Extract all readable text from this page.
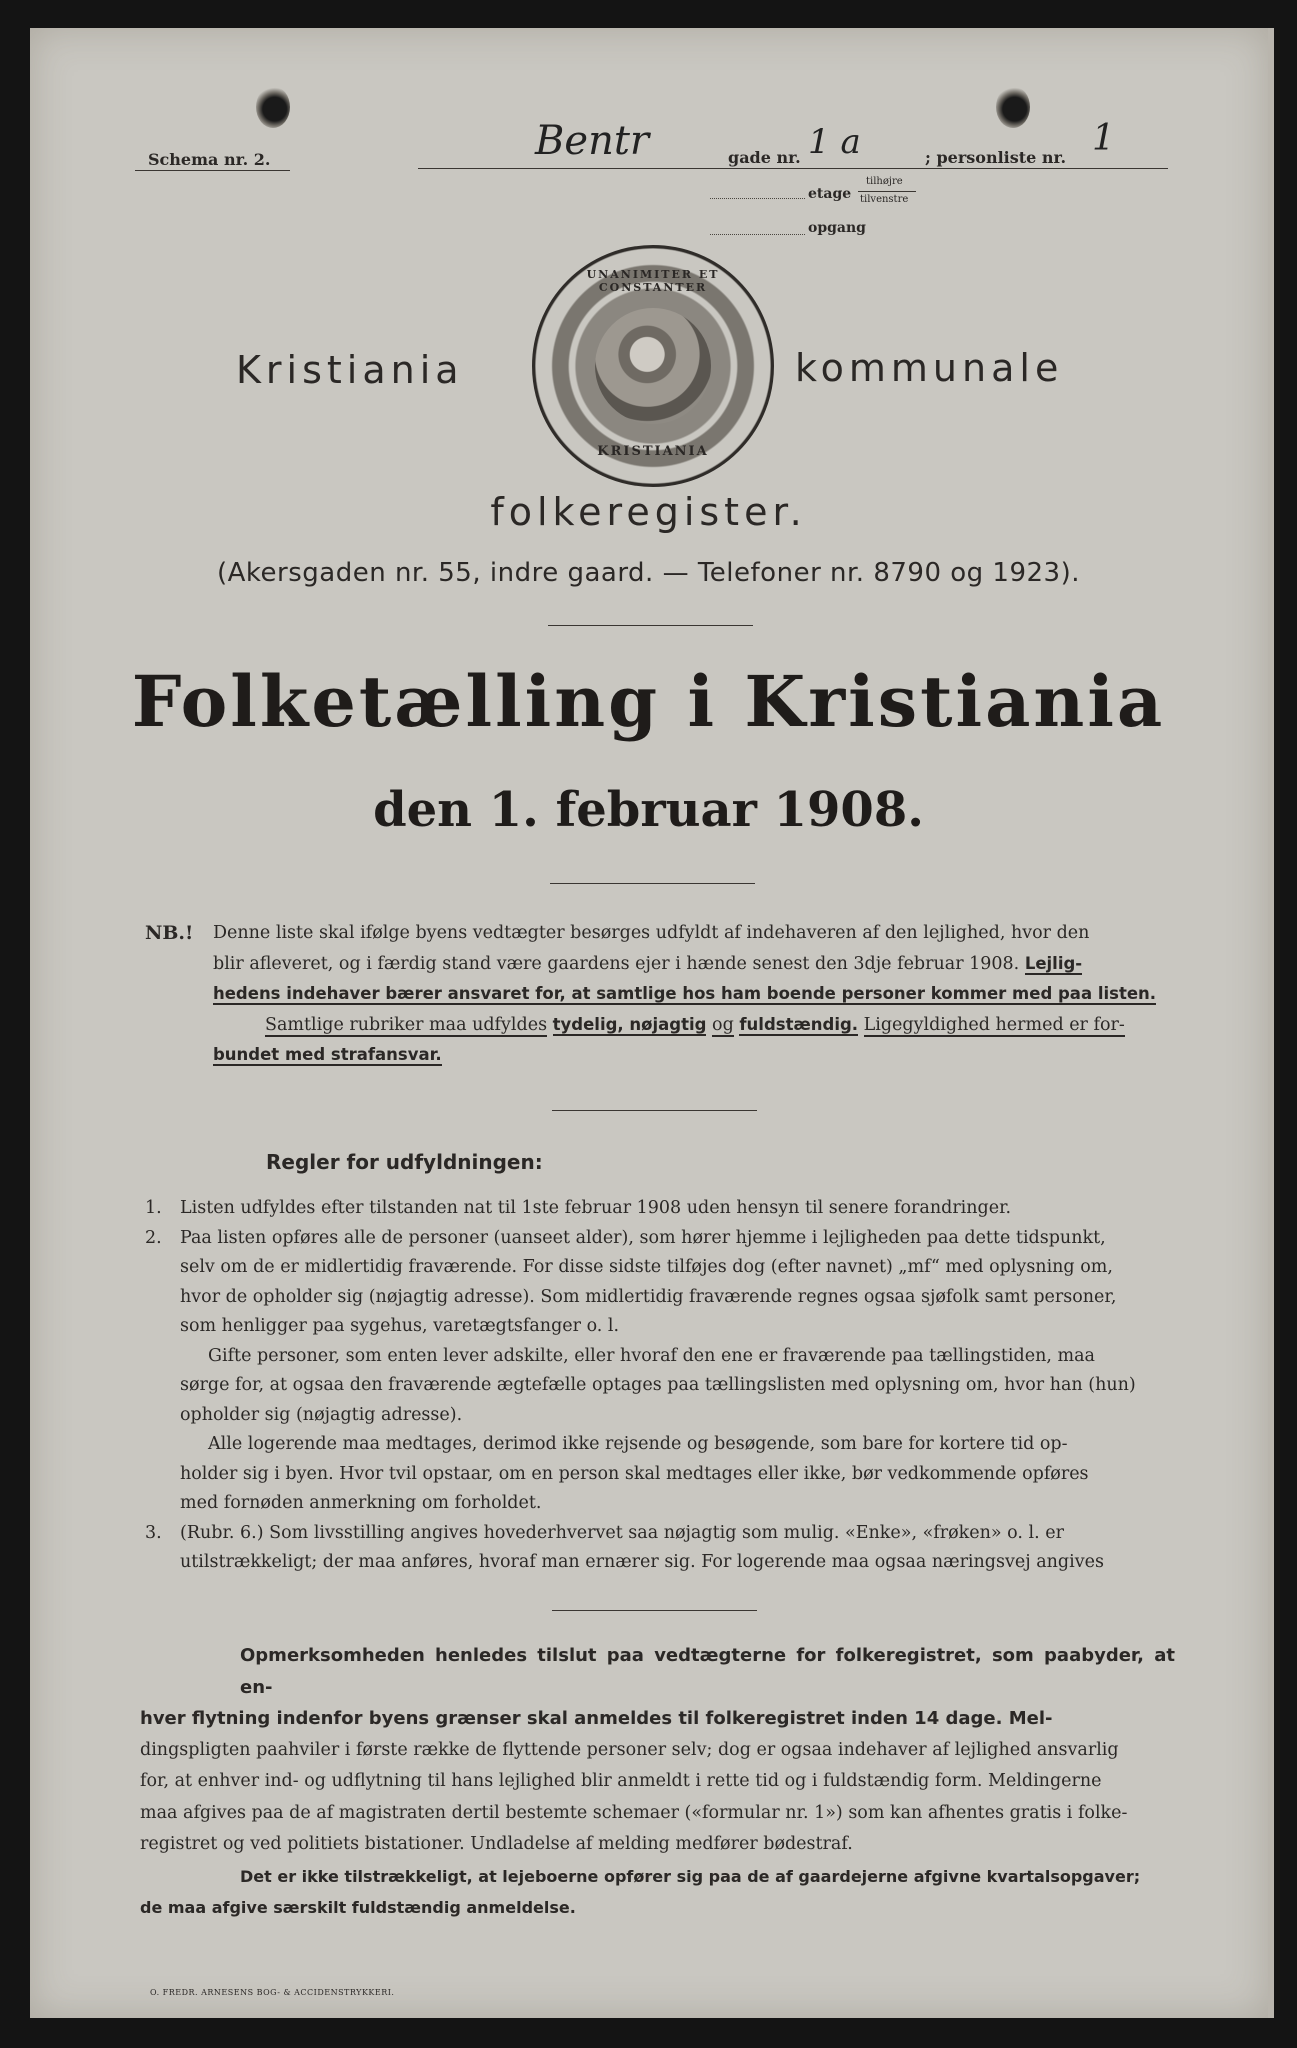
Schema nr. 2.	Bentr	gade nr. 1 a	; personliste nr. 1
etage
tilhøjre
tilvenstre
opgang
UNANIMITER ET CONSTANTER
KRISTIANIA
Kristiania	kommunale
folkeregister.
(Akersgaden nr. 55, indre gaard. — Telefoner nr. 8790 og 1923).
Folketælling i Kristiania
den 1. februar 1908.
NB.! Denne liste skal ifølge byens vedtægter besørges udfyldt af indehaveren af den lejlighed, hvor den
blir afleveret, og i færdig stand være gaardens ejer i hænde senest den 3dje februar 1908. Lejlig-
hedens indehaver bærer ansvaret for, at samtlige hos ham boende personer kommer med paa listen.
Samtlige rubriker maa udfyldes tydelig, nøjagtig og fuldstændig. Ligegyldighed hermed er for-
bundet med strafansvar.
Regler for udfyldningen:
1.	Listen udfyldes efter tilstanden nat til 1ste februar 1908 uden hensyn til senere forandringer.
2.	Paa listen opføres alle de personer (uanseet alder), som hører hjemme i lejligheden paa dette tidspunkt,
selv om de er midlertidig fraværende. For disse sidste tilføjes dog (efter navnet) „mf“ med oplysning om,
hvor de opholder sig (nøjagtig adresse). Som midlertidig fraværende regnes ogsaa sjøfolk samt personer,
som henligger paa sygehus, varetægtsfanger o. l.
Gifte personer, som enten lever adskilte, eller hvoraf den ene er fraværende paa tællingstiden, maa
sørge for, at ogsaa den fraværende ægtefælle optages paa tællingslisten med oplysning om, hvor han (hun)
opholder sig (nøjagtig adresse).
Alle logerende maa medtages, derimod ikke rejsende og besøgende, som bare for kortere tid op-
holder sig i byen. Hvor tvil opstaar, om en person skal medtages eller ikke, bør vedkommende opføres
med fornøden anmerkning om forholdet.
3.	(Rubr. 6.) Som livsstilling angives hovederhvervet saa nøjagtig som mulig. «Enke», «frøken» o. l. er
utilstrækkeligt; der maa anføres, hvoraf man ernærer sig. For logerende maa ogsaa næringsvej angives
Opmerksomheden henledes tilslut paa vedtægterne for folkeregistret, som paabyder, at en-
hver flytning indenfor byens grænser skal anmeldes til folkeregistret inden 14 dage. Mel-
dingspligten paahviler i første række de flyttende personer selv; dog er ogsaa indehaver af lejlighed ansvarlig
for, at enhver ind- og udflytning til hans lejlighed blir anmeldt i rette tid og i fuldstændig form. Meldingerne
maa afgives paa de af magistraten dertil bestemte schemaer («formular nr. 1») som kan afhentes gratis i folke-
registret og ved politiets bistationer. Undladelse af melding medfører bødestraf.
Det er ikke tilstrækkeligt, at lejeboerne opfører sig paa de af gaardejerne afgivne kvartalsopgaver;
de maa afgive særskilt fuldstændig anmeldelse.
O. FREDR. ARNESENS BOG- & ACCIDENSTRYKKERI.
